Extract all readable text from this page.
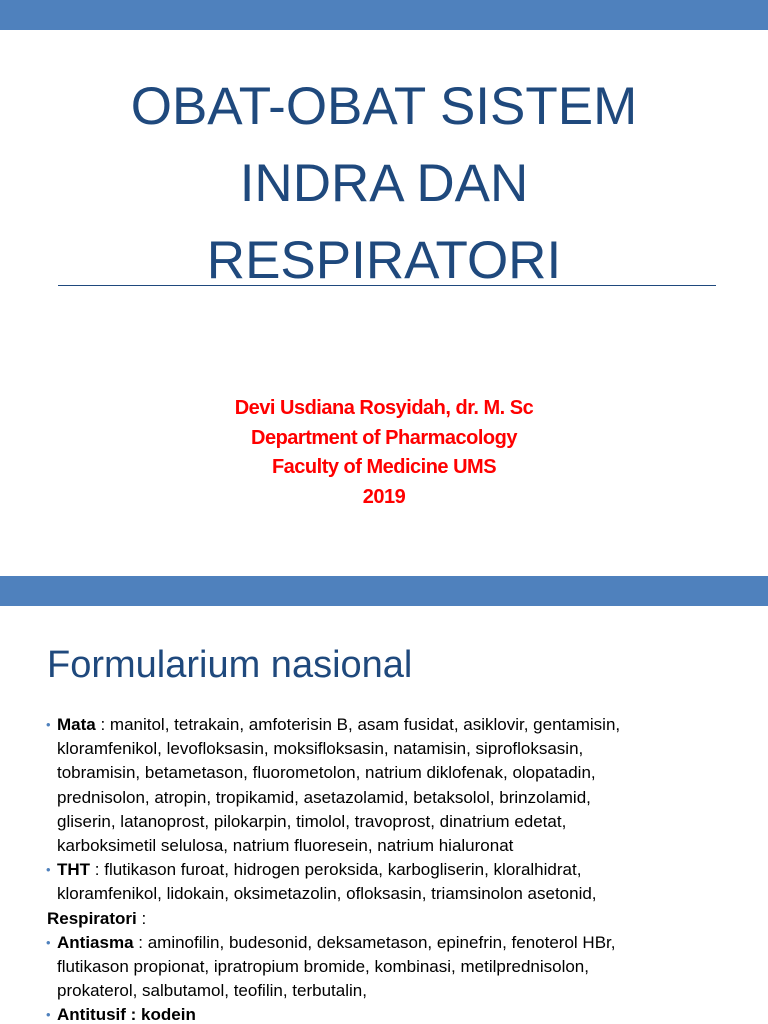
OBAT-OBAT SISTEM
INDRA DAN
RESPIRATORI
Devi Usdiana Rosyidah, dr. M. Sc
Department of Pharmacology
Faculty of Medicine UMS
2019
Formularium nasional
• Mata : manitol, tetrakain, amfoterisin B, asam fusidat, asiklovir, gentamisin,
kloramfenikol, levofloksasin, moksifloksasin, natamisin, siprofloksasin,
tobramisin, betametason, fluorometolon, natrium diklofenak, olopatadin,
prednisolon, atropin, tropikamid, asetazolamid, betaksolol, brinzolamid,
gliserin, latanoprost, pilokarpin, timolol, travoprost, dinatrium edetat,
karboksimetil selulosa, natrium fluoresein, natrium hialuronat
• THT : flutikason furoat, hidrogen peroksida, karbogliserin, kloralhidrat,
kloramfenikol, lidokain, oksimetazolin, ofloksasin, triamsinolon asetonid,
Respiratori :
• Antiasma : aminofilin, budesonid, deksametason, epinefrin, fenoterol HBr,
flutikason propionat, ipratropium bromide, kombinasi, metilprednisolon,
prokaterol, salbutamol, teofilin, terbutalin,
• Antitusif : kodein
